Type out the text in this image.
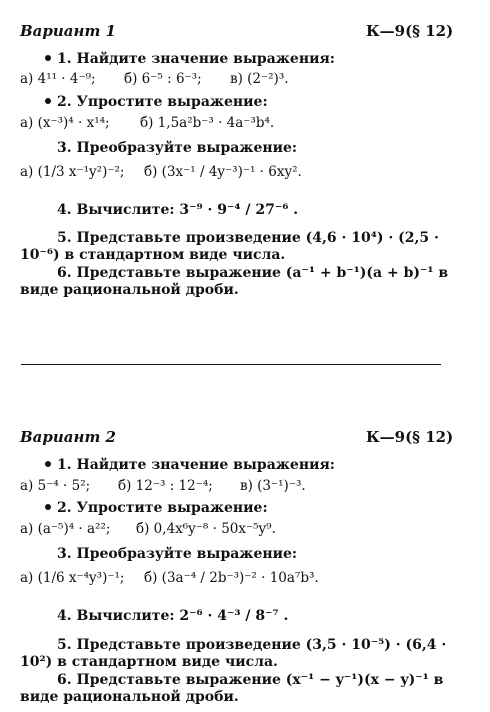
Вариант 1	К—9(§ 12)
1. Найдите значение выражения:
а) 4¹¹ · 4⁻⁹; б) 6⁻⁵ : 6⁻³; в) (2⁻²)³.
2. Упростите выражение:
а) (x⁻³)⁴ · x¹⁴; б) 1,5a²b⁻³ · 4a⁻³b⁴.
3. Преобразуйте выражение:
а) (1/3 x⁻¹y²)⁻²; б) (3x⁻¹ / 4y⁻³)⁻¹ · 6xy².
4. Вычислите: 3⁻⁹ · 9⁻⁴ / 27⁻⁶ .
5. Представьте произведение (4,6 · 10⁴) · (2,5 · 10⁻⁶) в стандартном виде числа.
6. Представьте выражение (a⁻¹ + b⁻¹)(a + b)⁻¹ в виде рациональной дроби.
Вариант 2	К—9(§ 12)
1. Найдите значение выражения:
а) 5⁻⁴ · 5²; б) 12⁻³ : 12⁻⁴; в) (3⁻¹)⁻³.
2. Упростите выражение:
а) (a⁻⁵)⁴ · a²²; б) 0,4x⁶y⁻⁸ · 50x⁻⁵y⁹.
3. Преобразуйте выражение:
а) (1/6 x⁻⁴y³)⁻¹; б) (3a⁻⁴ / 2b⁻³)⁻² · 10a⁷b³.
4. Вычислите: 2⁻⁶ · 4⁻³ / 8⁻⁷ .
5. Представьте произведение (3,5 · 10⁻⁵) · (6,4 · 10²) в стандартном виде числа.
6. Представьте выражение (x⁻¹ − y⁻¹)(x − y)⁻¹ в виде рациональной дроби.
